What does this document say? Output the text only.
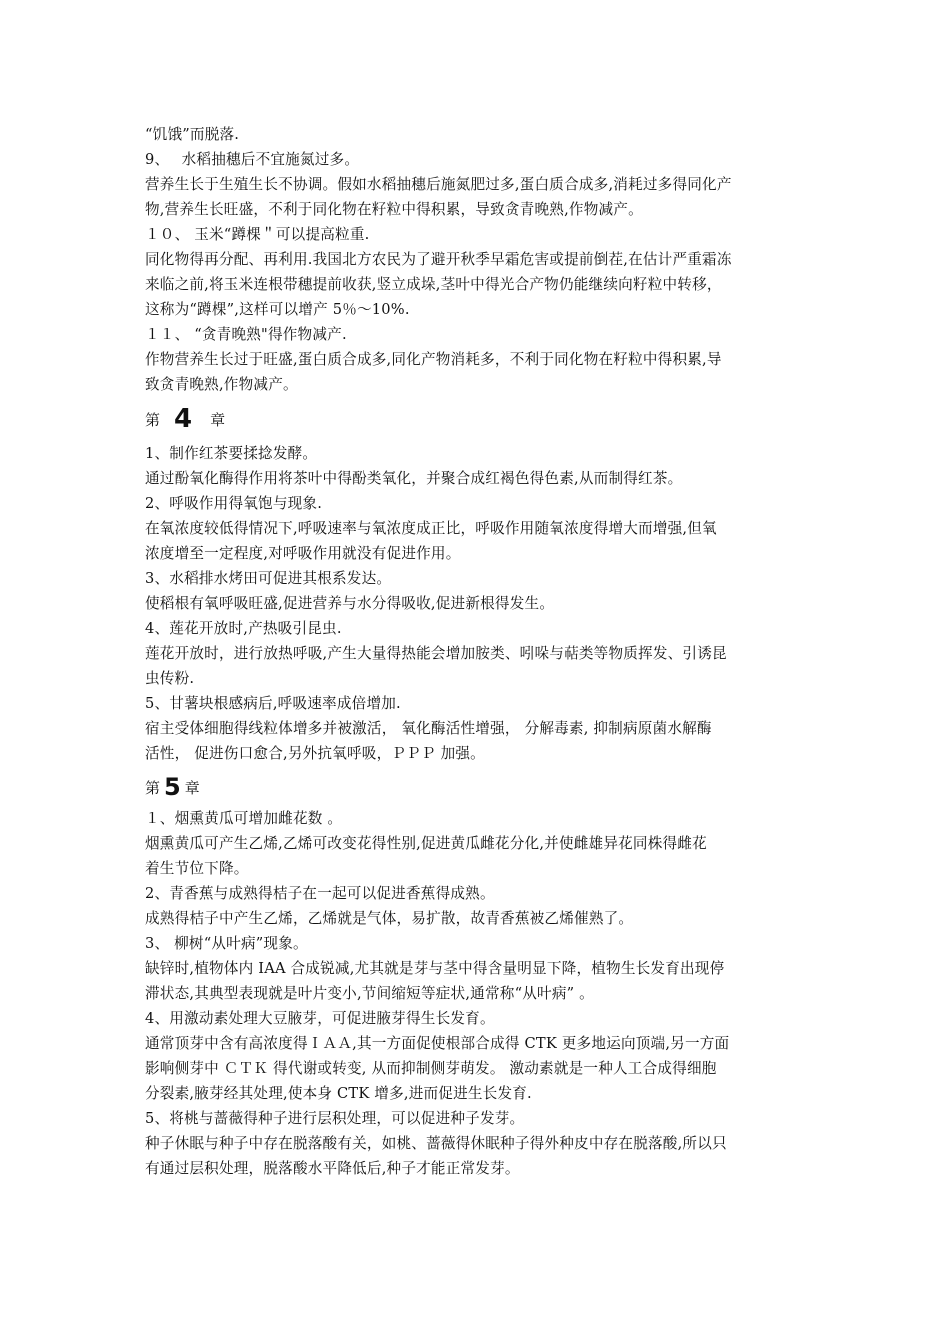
“饥饿”而脱落.
9、　 水稻抽穗后不宜施氮过多。
营养生长于生殖生长不协调。假如水稻抽穗后施氮肥过多,蛋白质合成多,消耗过多得同化产
物,营养生长旺盛，不利于同化物在籽粒中得积累，导致贪青晚熟,作物减产。
１０、 玉米“蹲棵＂可以提高粒重.
同化物得再分配、再利用.我国北方农民为了避开秋季早霜危害或提前倒茬,在估计严重霜冻
来临之前,将玉米连根带穗提前收获,竖立成垛,茎叶中得光合产物仍能继续向籽粒中转移，
这称为“蹲棵”,这样可以增产 5％～10%.
１１、 “贪青晚熟"得作物减产.
作物营养生长过于旺盛,蛋白质合成多,同化产物消耗多，不利于同化物在籽粒中得积累,导
致贪青晚熟,作物减产。
第 4 章
1、制作红茶要揉捻发酵。
通过酚氧化酶得作用将茶叶中得酚类氧化，并聚合成红褐色得色素,从而制得红茶。
2、呼吸作用得氧饱与现象.
在氧浓度较低得情况下,呼吸速率与氧浓度成正比，呼吸作用随氧浓度得增大而增强,但氧
浓度增至一定程度,对呼吸作用就没有促进作用。
3、水稻排水烤田可促进其根系发达。
使稻根有氧呼吸旺盛,促进营养与水分得吸收,促进新根得发生。
4、莲花开放时,产热吸引昆虫.
莲花开放时，进行放热呼吸,产生大量得热能会增加胺类、吲哚与萜类等物质挥发、引诱昆
虫传粉.
5、甘薯块根感病后,呼吸速率成倍增加.
宿主受体细胞得线粒体增多并被激活， 氧化酶活性增强， 分解毒素, 抑制病原菌水解酶
活性， 促进伤口愈合,另外抗氧呼吸，ＰＰＰ 加强。
第 5 章
１、烟熏黄瓜可增加雌花数 。
烟熏黄瓜可产生乙烯,乙烯可改变花得性别,促进黄瓜雌花分化,并使雌雄异花同株得雌花
着生节位下降。
2、青香蕉与成熟得桔子在一起可以促进香蕉得成熟。
成熟得桔子中产生乙烯，乙烯就是气体，易扩散，故青香蕉被乙烯催熟了。
3、 柳树“从叶病”现象。
缺锌时,植物体内 IAA 合成锐减,尤其就是芽与茎中得含量明显下降，植物生长发育出现停
滞状态,其典型表现就是叶片变小,节间缩短等症状,通常称“从叶病” 。
4、用激动素处理大豆腋芽，可促进腋芽得生长发育。
通常顶芽中含有高浓度得ＩＡＡ,其一方面促使根部合成得 CTK 更多地运向顶端,另一方面
影响侧芽中 ＣＴＫ 得代谢或转变, 从而抑制侧芽萌发。 激动素就是一种人工合成得细胞
分裂素,腋芽经其处理,使本身 CTK 增多,进而促进生长发育.
5、将桃与蔷薇得种子进行层积处理，可以促进种子发芽。
种子休眠与种子中存在脱落酸有关，如桃、蔷薇得休眠种子得外种皮中存在脱落酸,所以只
有通过层积处理，脱落酸水平降低后,种子才能正常发芽。
